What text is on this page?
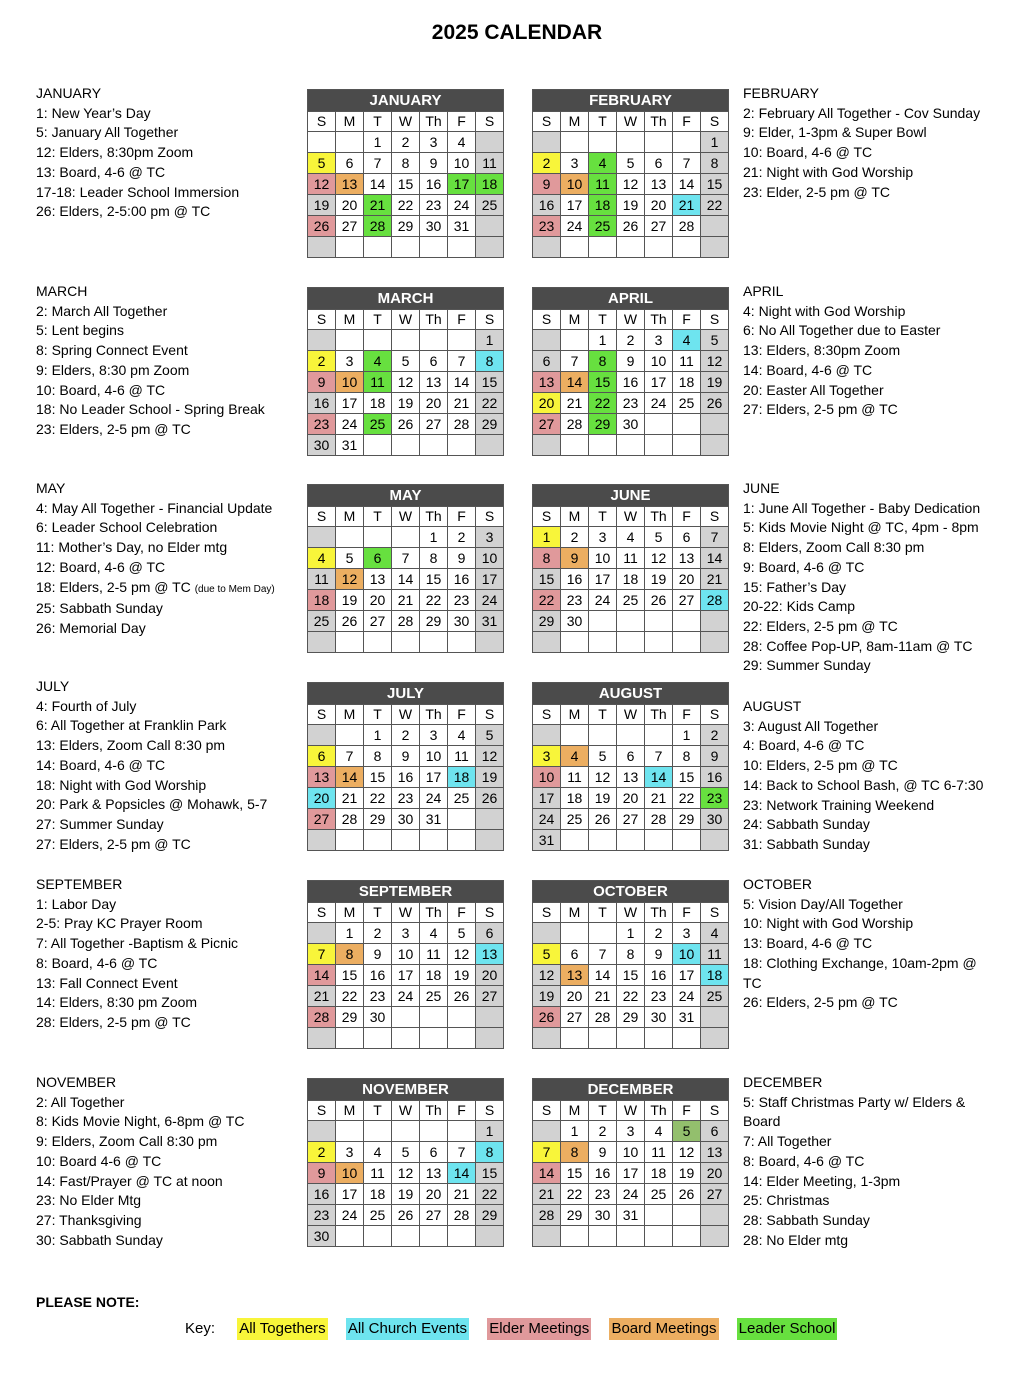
2025 CALENDAR
JANUARY
1: New Year’s Day
5: January All Together
12: Elders, 8:30pm Zoom
13: Board, 4-6 @ TC
17-18: Leader School Immersion
26: Elders, 2-5:00 pm @ TC
FEBRUARY
2: February All Together - Cov Sunday
9: Elder, 1-3pm & Super Bowl
10: Board, 4-6 @ TC
21: Night with God Worship
23: Elder, 2-5 pm @ TC
MARCH
2: March All Together
5: Lent begins
8: Spring Connect Event
9: Elders, 8:30 pm Zoom
10: Board, 4-6 @ TC
18: No Leader School - Spring Break
23: Elders, 2-5 pm @ TC
APRIL
4: Night with God Worship
6: No All Together due to Easter
13: Elders, 8:30pm Zoom
14: Board, 4-6 @ TC
20: Easter All Together
27: Elders, 2-5 pm @ TC
MAY
4: May All Together - Financial Update
6: Leader School Celebration
11: Mother’s Day, no Elder mtg
12: Board, 4-6 @ TC
18: Elders, 2-5 pm @ TC (due to Mem Day)
25: Sabbath Sunday
26: Memorial Day
JUNE
1: June All Together - Baby Dedication
5: Kids Movie Night @ TC, 4pm - 8pm
8: Elders, Zoom Call 8:30 pm
9: Board, 4-6 @ TC
15: Father’s Day
20-22: Kids Camp
22: Elders, 2-5 pm @ TC
28: Coffee Pop-UP, 8am-11am @ TC
29: Summer Sunday
JULY
4: Fourth of July
6: All Together at Franklin Park
13: Elders, Zoom Call 8:30 pm
14: Board, 4-6 @ TC
18: Night with God Worship
20: Park & Popsicles @ Mohawk, 5-7
27: Summer Sunday
27: Elders, 2-5 pm @ TC
AUGUST
3: August All Together
4: Board, 4-6 @ TC
10: Elders, 2-5 pm @ TC
14: Back to School Bash, @ TC 6-7:30
23: Network Training Weekend
24: Sabbath Sunday
31: Sabbath Sunday
SEPTEMBER
1: Labor Day
2-5: Pray KC Prayer Room
7: All Together -Baptism & Picnic
8: Board, 4-6 @ TC
13: Fall Connect Event
14: Elders, 8:30 pm Zoom
28: Elders, 2-5 pm @ TC
OCTOBER
5: Vision Day/All Together
10: Night with God Worship
13: Board, 4-6 @ TC
18: Clothing Exchange, 10am-2pm @
TC
26: Elders, 2-5 pm @ TC
NOVEMBER
2: All Together
8: Kids Movie Night, 6-8pm @ TC
9: Elders, Zoom Call 8:30 pm
10: Board 4-6 @ TC
14: Fast/Prayer @ TC at noon
23: No Elder Mtg
27: Thanksgiving
30: Sabbath Sunday
DECEMBER
5: Staff Christmas Party w/ Elders &
Board
7: All Together
8: Board, 4-6 @ TC
14: Elder Meeting, 1-3pm
25: Christmas
28: Sabbath Sunday
28: No Elder mtg
JANUARY						
S	M	T	W	Th	F	S
		1	2	3	4	
5	6	7	8	9	10	11
12	13	14	15	16	17	18
19	20	21	22	23	24	25
26	27	28	29	30	31	

FEBRUARY						
S	M	T	W	Th	F	S
						1
2	3	4	5	6	7	8
9	10	11	12	13	14	15
16	17	18	19	20	21	22
23	24	25	26	27	28	

MARCH						
S	M	T	W	Th	F	S
						1
2	3	4	5	6	7	8
9	10	11	12	13	14	15
16	17	18	19	20	21	22
23	24	25	26	27	28	29
30	31					
APRIL						
S	M	T	W	Th	F	S
		1	2	3	4	5
6	7	8	9	10	11	12
13	14	15	16	17	18	19
20	21	22	23	24	25	26
27	28	29	30			

MAY						
S	M	T	W	Th	F	S
				1	2	3
4	5	6	7	8	9	10
11	12	13	14	15	16	17
18	19	20	21	22	23	24
25	26	27	28	29	30	31

JUNE						
S	M	T	W	Th	F	S
1	2	3	4	5	6	7
8	9	10	11	12	13	14
15	16	17	18	19	20	21
22	23	24	25	26	27	28
29	30					

JULY						
S	M	T	W	Th	F	S
		1	2	3	4	5
6	7	8	9	10	11	12
13	14	15	16	17	18	19
20	21	22	23	24	25	26
27	28	29	30	31		

AUGUST						
S	M	T	W	Th	F	S
					1	2
3	4	5	6	7	8	9
10	11	12	13	14	15	16
17	18	19	20	21	22	23
24	25	26	27	28	29	30
31						
SEPTEMBER						
S	M	T	W	Th	F	S
	1	2	3	4	5	6
7	8	9	10	11	12	13
14	15	16	17	18	19	20
21	22	23	24	25	26	27
28	29	30				

OCTOBER						
S	M	T	W	Th	F	S
			1	2	3	4
5	6	7	8	9	10	11
12	13	14	15	16	17	18
19	20	21	22	23	24	25
26	27	28	29	30	31	

NOVEMBER						
S	M	T	W	Th	F	S
						1
2	3	4	5	6	7	8
9	10	11	12	13	14	15
16	17	18	19	20	21	22
23	24	25	26	27	28	29
30						
DECEMBER						
S	M	T	W	Th	F	S
	1	2	3	4	5	6
7	8	9	10	11	12	13
14	15	16	17	18	19	20
21	22	23	24	25	26	27
28	29	30	31			

PLEASE NOTE:
Key: All Togethers All Church Events Elder Meetings Board Meetings Leader School
